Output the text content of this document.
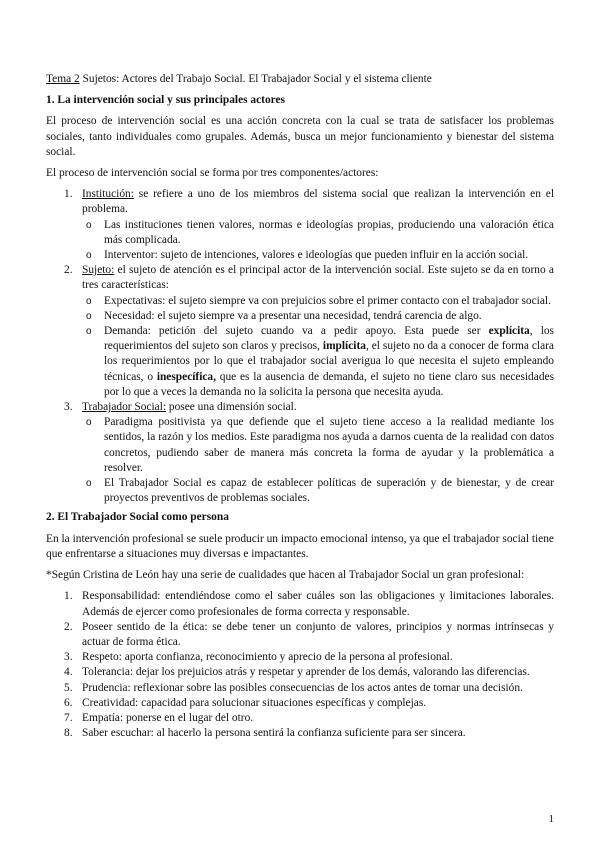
Tema 2 Sujetos: Actores del Trabajo Social. El Trabajador Social y el sistema cliente

1. La intervención social y sus principales actores

El proceso de intervención social es una acción concreta con la cual se trata de satisfacer los problemas sociales, tanto individuales como grupales. Además, busca un mejor funcionamiento y bienestar del sistema social.

El proceso de intervención social se forma por tres componentes/actores:

1. Institución: se refiere a uno de los miembros del sistema social que realizan la intervención en el problema.

o Las instituciones tienen valores, normas e ideologías propias, produciendo una valoración ética más complicada.

o Interventor: sujeto de intenciones, valores e ideologías que pueden influir en la acción social.

2. Sujeto: el sujeto de atención es el principal actor de la intervención social. Este sujeto se da en torno a tres características:

o Expectativas: el sujeto siempre va con prejuicios sobre el primer contacto con el trabajador social.

o Necesidad: el sujeto siempre va a presentar una necesidad, tendrá carencia de algo.

o Demanda: petición del sujeto cuando va a pedir apoyo. Esta puede ser explícita, los requerimientos del sujeto son claros y precisos, implícita, el sujeto no da a conocer de forma clara los requerimientos por lo que el trabajador social averigua lo que necesita el sujeto empleando técnicas, o inespecífica, que es la ausencia de demanda, el sujeto no tiene claro sus necesidades por lo que a veces la demanda no la solicita la persona que necesita ayuda.

3. Trabajador Social: posee una dimensión social.

o Paradigma positivista ya que defiende que el sujeto tiene acceso a la realidad mediante los sentidos, la razón y los medios. Este paradigma nos ayuda a darnos cuenta de la realidad con datos concretos, pudiendo saber de manera más concreta la forma de ayudar y la problemática a resolver.

o El Trabajador Social es capaz de establecer políticas de superación y de bienestar, y de crear proyectos preventivos de problemas sociales.

2. El Trabajador Social como persona

En la intervención profesional se suele producir un impacto emocional intenso, ya que el trabajador social tiene que enfrentarse a situaciones muy diversas e impactantes.

*Según Cristina de León hay una serie de cualidades que hacen al Trabajador Social un gran profesional:

1. Responsabilidad: entendiéndose como el saber cuáles son las obligaciones y limitaciones laborales. Además de ejercer como profesionales de forma correcta y responsable.

2. Poseer sentido de la ética: se debe tener un conjunto de valores, principios y normas intrínsecas y actuar de forma ética.

3. Respeto: aporta confianza, reconocimiento y aprecio de la persona al profesional.

4. Tolerancia: dejar los prejuicios atrás y respetar y aprender de los demás, valorando las diferencias.

5. Prudencia: reflexionar sobre las posibles consecuencias de los actos antes de tomar una decisión.

6. Creatividad: capacidad para solucionar situaciones específicas y complejas.

7. Empatía: ponerse en el lugar del otro.

8. Saber escuchar: al hacerlo la persona sentirá la confianza suficiente para ser sincera.

1
